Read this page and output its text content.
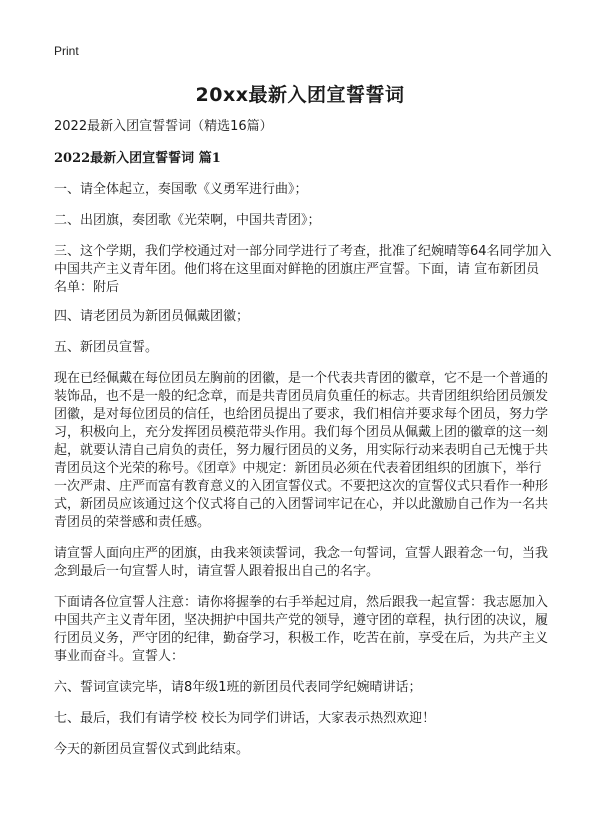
Print
20xx最新入团宣誓誓词

2022最新入团宣誓誓词（精选16篇）

2022最新入团宣誓誓词 篇1

一、请全体起立，奏国歌《义勇军进行曲》；

二、出团旗，奏团歌《光荣啊，中国共青团》；

三、这个学期，我们学校通过对一部分同学进行了考查，批准了纪婉晴等64名同学加入中国共产主义青年团。他们将在这里面对鲜艳的团旗庄严宣誓。下面，请 宣布新团员名单：附后

四、请老团员为新团员佩戴团徽；

五、新团员宣誓。

现在已经佩戴在每位团员左胸前的团徽，是一个代表共青团的徽章，它不是一个普通的装饰品，也不是一般的纪念章，而是共青团员肩负重任的标志。共青团组织给团员颁发团徽，是对每位团员的信任，也给团员提出了要求，我们相信并要求每个团员，努力学习，积极向上，充分发挥团员模范带头作用。我们每个团员从佩戴上团的徽章的这一刻起，就要认清自己肩负的责任，努力履行团员的义务，用实际行动来表明自己无愧于共青团员这个光荣的称号。《团章》中规定：新团员必须在代表着团组织的团旗下，举行一次严肃、庄严而富有教育意义的入团宣誓仪式。不要把这次的宣誓仪式只看作一种形式，新团员应该通过这个仪式将自己的入团誓词牢记在心，并以此激励自己作为一名共青团员的荣誉感和责任感。

请宣誓人面向庄严的团旗，由我来领读誓词，我念一句誓词，宣誓人跟着念一句，当我念到最后一句宣誓人时，请宣誓人跟着报出自己的名字。

下面请各位宣誓人注意：请你将握拳的右手举起过肩，然后跟我一起宣誓：我志愿加入中国共产主义青年团，坚决拥护中国共产党的领导，遵守团的章程，执行团的决议，履行团员义务，严守团的纪律，勤奋学习，积极工作，吃苦在前，享受在后，为共产主义事业而奋斗。宣誓人：

六、誓词宣读完毕，请8年级1班的新团员代表同学纪婉晴讲话；

七、最后，我们有请学校 校长为同学们讲话，大家表示热烈欢迎！

今天的新团员宣誓仪式到此结束。
